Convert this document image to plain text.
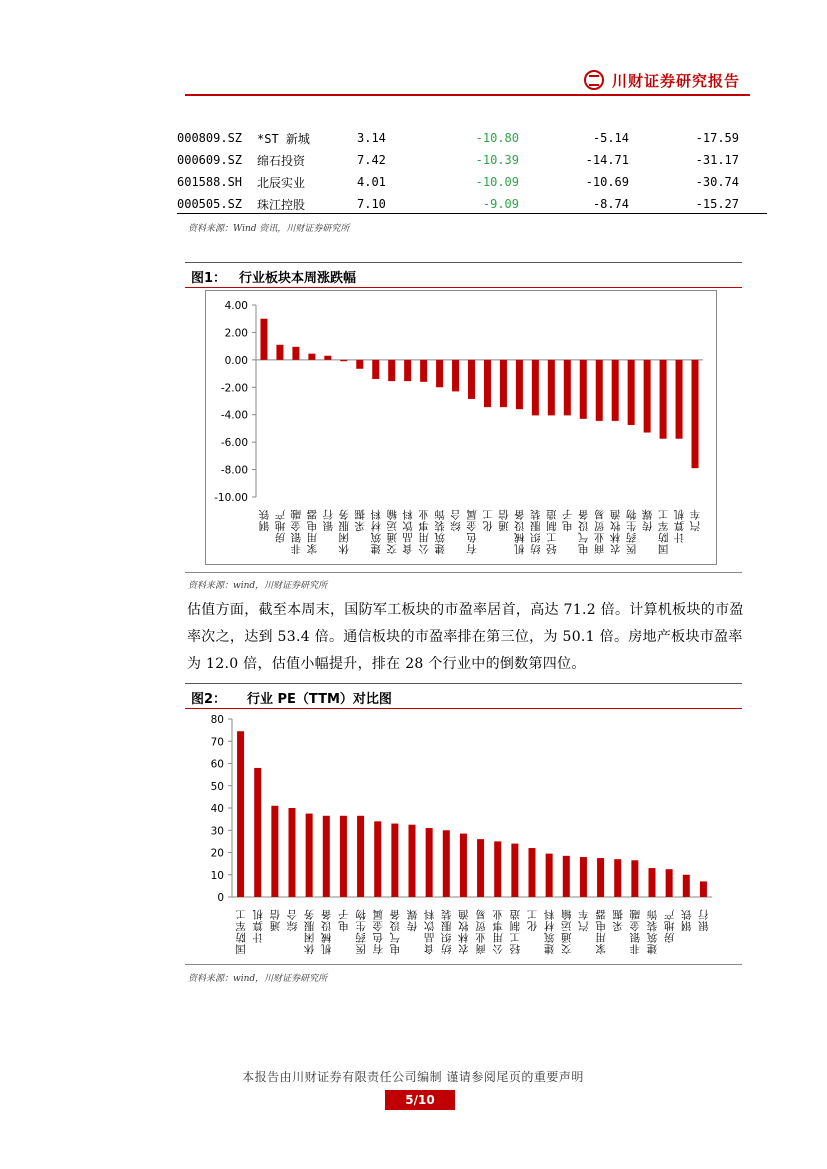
川财证券研究报告
000809.SZ	*ST 新城	3.14	-10.80	-5.14	-17.59
000609.SZ	绵石投资	7.42	-10.39	-14.71	-31.17
601588.SH	北辰实业	4.01	-10.09	-10.69	-30.74
000505.SZ	珠江控股	7.10	-9.09	-8.74	-15.27
资料来源：Wind 资讯，川财证券研究所
图1： 行业板块本周涨跌幅
4.00
2.00
0.00
-2.00
-4.00
-6.00
-8.00
-10.00
钢铁
房地产
非银金融
家用电器
银行
休闲服务
采掘
建筑材料
交通运输
食品饮料
公用事业
建筑装饰
综合
有色金属
化工
通信
机械设备
纺织服装
轻工制造
电子
电气设备
商业贸易
农林牧渔
医药生物
传媒
国防军工
计算机
汽车
资料来源：wind，川财证券研究所

估值方面，截至本周末，国防军工板块的市盈率居首，高达 71.2 倍。计算机板块的市盈率次之，达到 53.4 倍。通信板块的市盈率排在第三位，为 50.1 倍。房地产板块市盈率为 12.0 倍，估值小幅提升，排在 28 个行业中的倒数第四位。

图2： 行业 PE（TTM）对比图
80
70
60
50
40
30
20
10
0
国防军工
计算机
通信
综合
休闲服务
机械设备
电子
医药生物
有色金属
电气设备
传媒
食品饮料
纺织服装
农林牧渔
商业贸易
公用事业
轻工制造
化工
建筑材料
交通运输
汽车
家用电器
采掘
非银金融
建筑装饰
房地产
钢铁
银行
资料来源：wind，川财证券研究所
本报告由川财证券有限责任公司编制 谨请参阅尾页的重要声明
5/10
